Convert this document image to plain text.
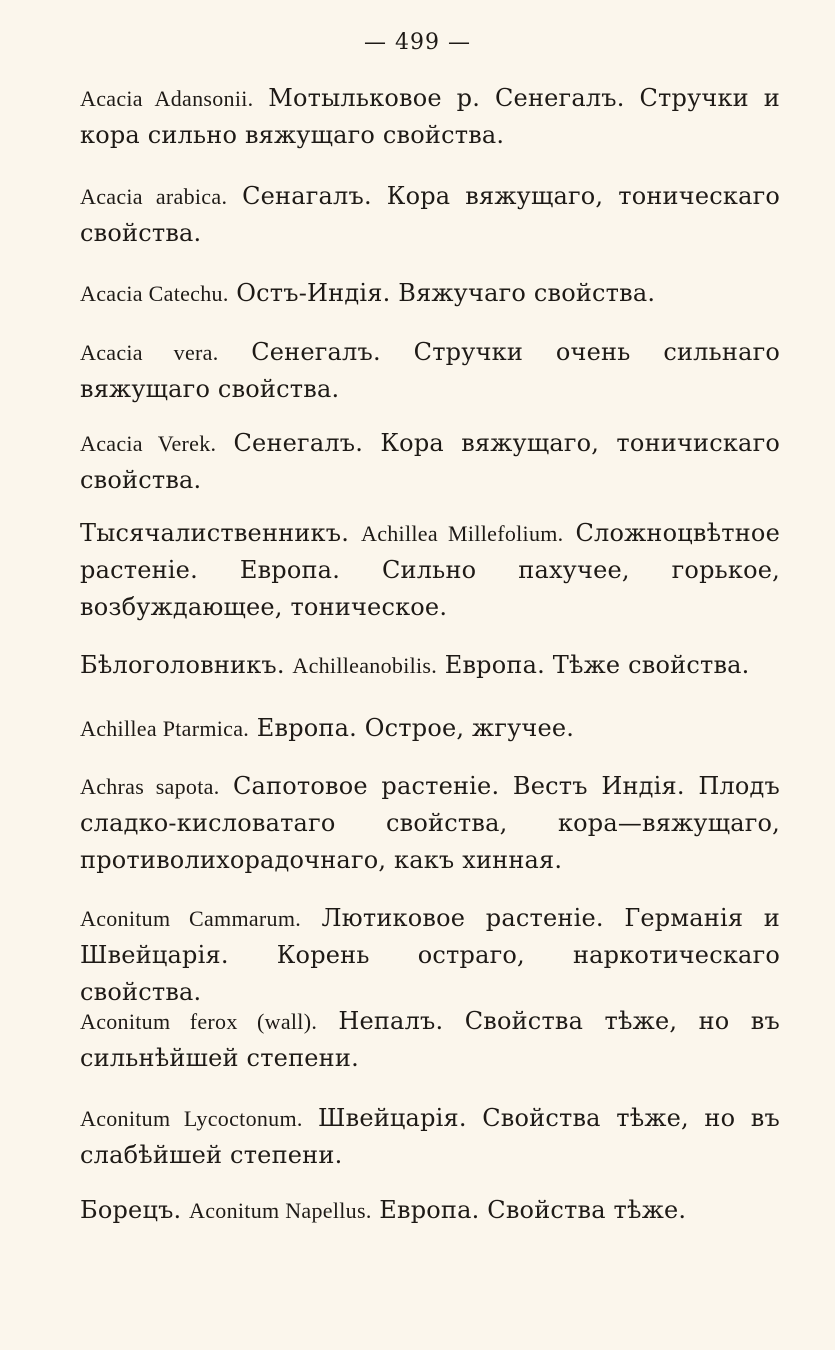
— 499 —
Acacia Adansonii. Мотыльковое р. Сенегалъ. Стручки и кора сильно вяжущаго свойства.
Acacia arabica. Сенагалъ. Кора вяжущаго, тоническаго свойства.
Acacia Catechu. Остъ-Индія. Вяжучаго свойства.
Acacia vera. Сенегалъ. Стручки очень сильнаго вяжущаго свойства.
Acacia Verek. Сенегалъ. Кора вяжущаго, тоничискаго свойства.
Тысячалиственникъ. Achillea Millefolium. Сложноцвѣтное растеніе. Европа. Сильно пахучее, горькое, возбуждающее, тоническое.
Бѣлоголовникъ. Achilleanobilis. Европа. Тѣже свойства.
Achillea Ptarmica. Европа. Острое, жгучее.
Achras sapota. Сапотовое растеніе. Вестъ Индія. Плодъ сладко-кисловатаго свойства, кора—вяжущаго, противолихорадочнаго, какъ хинная.
Aconitum Cammarum. Лютиковое растеніе. Германія и Швейцарія. Корень остраго, наркотическаго свойства.
Aconitum ferox (wall). Непалъ. Свойства тѣже, но въ сильнѣйшей степени.
Aconitum Lycoctonum. Швейцарія. Свойства тѣже, но въ слабѣйшей степени.
Борецъ. Aconitum Napellus. Европа. Свойства тѣже.
